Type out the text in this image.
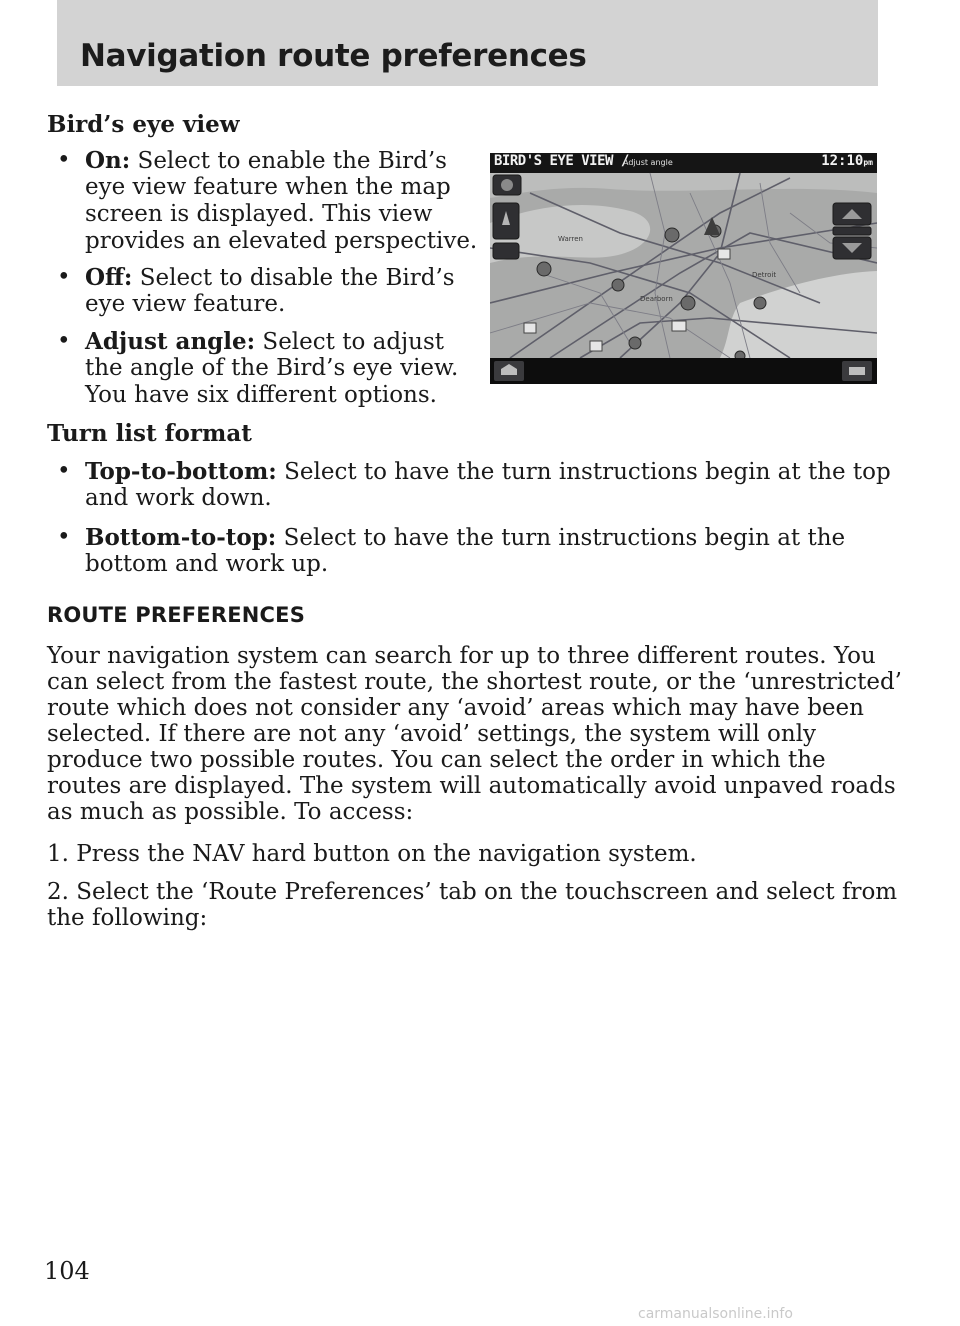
Navigation route preferences
Bird’s eye view
• On: Select to enable the Bird’s
eye view feature when the map
screen is displayed. This view
provides an elevated perspective.
• Off: Select to disable the Bird’s
eye view feature.
• Adjust angle: Select to adjust
the angle of the Bird’s eye view.
You have six different options.
BIRD'S EYE VIEW /
Adjust angle	12:10pm
Warren
Dearborn
Detroit
Turn list format
• Top-to-bottom: Select to have the turn instructions begin at the top
and work down.
• Bottom-to-top: Select to have the turn instructions begin at the
bottom and work up.
ROUTE PREFERENCES
Your navigation system can search for up to three different routes. You
can select from the fastest route, the shortest route, or the ‘unrestricted’
route which does not consider any ‘avoid’ areas which may have been
selected. If there are not any ‘avoid’ settings, the system will only
produce two possible routes. You can select the order in which the
routes are displayed. The system will automatically avoid unpaved roads
as much as possible. To access:
1. Press the NAV hard button on the navigation system.
2. Select the ‘Route Preferences’ tab on the touchscreen and select from
the following:
104
carmanualsonline.info
